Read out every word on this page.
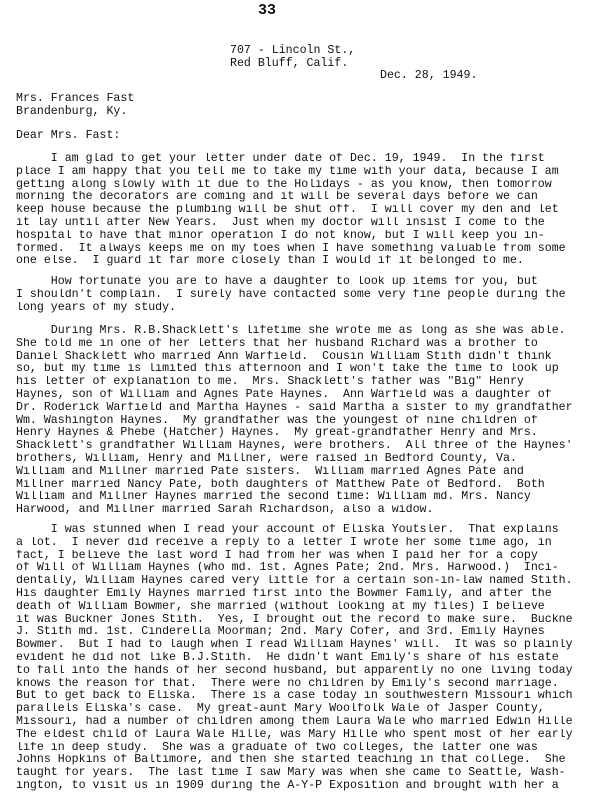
33

707 - Lincoln St.,

Red Bluff, Calif.

Dec. 28, 1949.

Mrs. Frances Fast

Brandenburg, Ky.

Dear Mrs. Fast:

I am glad to get your letter under date of Dec. 19, 1949.  In the first
place I am happy that you tell me to take my time with your data, because I am
getting along slowly with it due to the Holidays - as you know, then tomorrow
morning the decorators are coming and it will be several days before we can
keep house because the plumbing will be shut off.  I will cover my den and let
it lay until after New Years.  Just when my doctor will insist I come to the
hospital to have that minor operation I do not know, but I will keep you in-
formed.  It always keeps me on my toes when I have something valuable from some
one else.  I guard it far more closely than I would if it belonged to me.
How fortunate you are to have a daughter to look up items for you, but
I shouldn't complain.  I surely have contacted some very fine people during the
long years of my study.
During Mrs. R.B.Shacklett's lifetime she wrote me as long as she was able.
She told me in one of her letters that her husband Richard was a brother to
Daniel Shacklett who married Ann Warfield.  Cousin William Stith didn't think
so, but my time is limited this afternoon and I won't take the time to look up
his letter of explanation to me.  Mrs. Shacklett's father was "Big" Henry
Haynes, son of William and Agnes Pate Haynes.  Ann Warfield was a daughter of
Dr. Roderick Warfield and Martha Haynes - said Martha a sister to my grandfather
Wm. Washington Haynes.  My grandfather was the youngest of nine children of
Henry Haynes & Phebe (Hatcher) Haynes.  My great-grandfather Henry and Mrs.
Shacklett's grandfather William Haynes, were brothers.  All three of the Haynes'
brothers, William, Henry and Millner, were raised in Bedford County, Va.
William and Millner married Pate sisters.  William married Agnes Pate and
Millner married Nancy Pate, both daughters of Matthew Pate of Bedford.  Both
William and Millner Haynes married the second time: William md. Mrs. Nancy
Harwood, and Millner married Sarah Richardson, also a widow.
I was stunned when I read your account of Eliska Youtsler.  That explains
a lot.  I never did receive a reply to a letter I wrote her some time ago, in
fact, I believe the last word I had from her was when I paid her for a copy
of Will of William Haynes (who md. 1st. Agnes Pate; 2nd. Mrs. Harwood.)  Inci-
dentally, William Haynes cared very little for a certain son-in-law named Stith.
His daughter Emily Haynes married first into the Bowmer Family, and after the
death of William Bowmer, she married (without looking at my files) I believe
it was Buckner Jones Stith.  Yes, I brought out the record to make sure.  Buckne
J. Stith md. 1st. Cinderella Moorman; 2nd. Mary Cofer, and 3rd. Emily Haynes
Bowmer.  But I had to laugh when I read William Haynes' will.  It was so plainly
evident he did not like B.J.Stith.  He didn't want Emily's share of his estate
to fall into the hands of her second husband, but apparently no one living today
knows the reason for that.  There were no children by Emily's second marriage.
But to get back to Eliska.  There is a case today in southwestern Missouri which
parallels Eliska's case.  My great-aunt Mary Woolfolk Wale of Jasper County,
Missouri, had a number of children among them Laura Wale who married Edwin Hille
The eldest child of Laura Wale Hille, was Mary Hille who spent most of her early
life in deep study.  She was a graduate of two colleges, the latter one was
Johns Hopkins of Baltimore, and then she started teaching in that college.  She
taught for years.  The last time I saw Mary was when she came to Seattle, Wash-
ington, to visit us in 1909 during the A-Y-P Exposition and brought with her a
